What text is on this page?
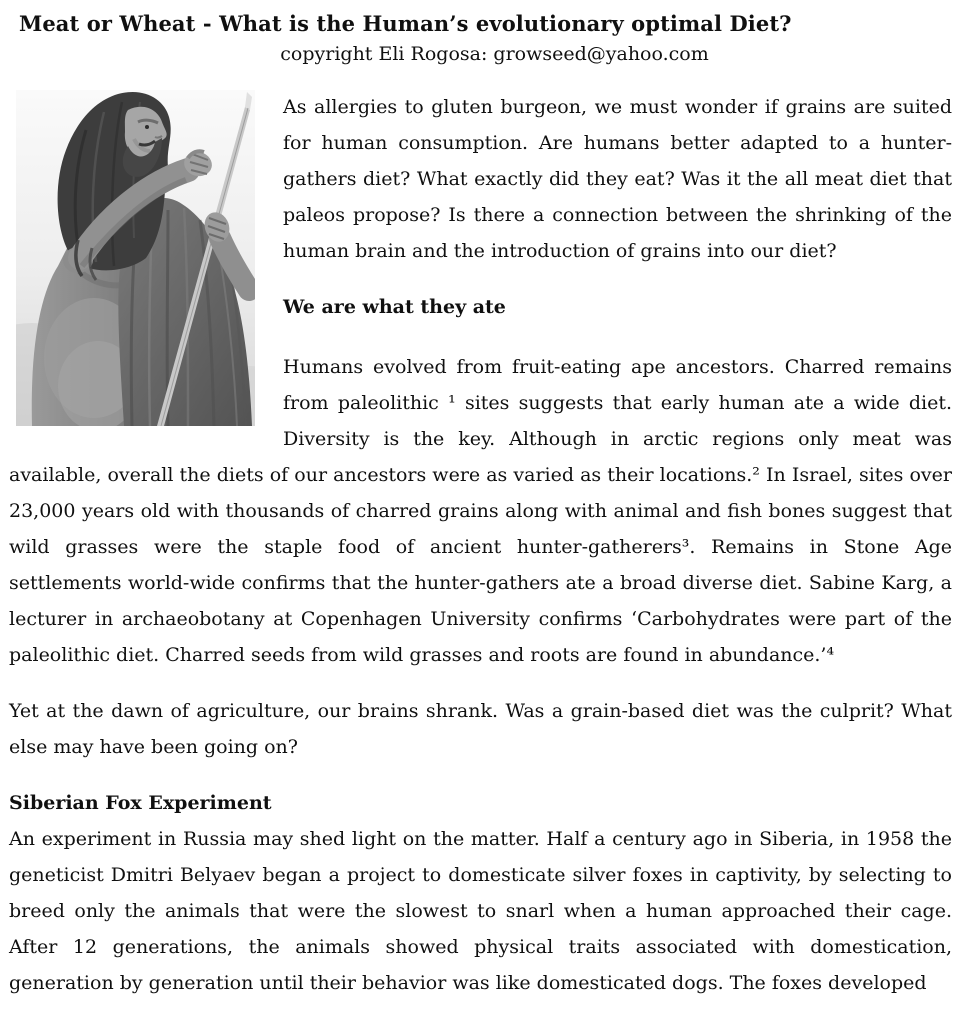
Meat or Wheat - What is the Human’s evolutionary optimal Diet?
copyright Eli Rogosa: growseed@yahoo.com

As allergies to gluten burgeon, we must wonder if grains are suited for human consumption. Are humans better adapted to a hunter-gathers diet? What exactly did they eat? Was it the all meat diet that paleos propose? Is there a connection between the shrinking of the human brain and the introduction of grains into our diet?

We are what they ate

Humans evolved from fruit-eating ape ancestors. Charred remains from paleolithic ¹ sites suggests that early human ate a wide diet. Diversity is the key. Although in arctic regions only meat was available, overall the diets of our ancestors were as varied as their locations.² In Israel, sites over 23,000 years old with thousands of charred grains along with animal and fish bones suggest that wild grasses were the staple food of ancient hunter-gatherers³. Remains in Stone Age settlements world-wide confirms that the hunter-gathers ate a broad diverse diet. Sabine Karg, a lecturer in archaeobotany at Copenhagen University confirms ‘Carbohydrates were part of the paleolithic diet. Charred seeds from wild grasses and roots are found in abundance.’⁴

Yet at the dawn of agriculture, our brains shrank. Was a grain-based diet was the culprit? What else may have been going on?

Siberian Fox Experiment

An experiment in Russia may shed light on the matter. Half a century ago in Siberia, in 1958 the geneticist Dmitri Belyaev began a project to domesticate silver foxes in captivity, by selecting to breed only the animals that were the slowest to snarl when a human approached their cage. After 12 generations, the animals showed physical traits associated with domestication, generation by generation until their behavior was like domesticated dogs. The foxes developed
